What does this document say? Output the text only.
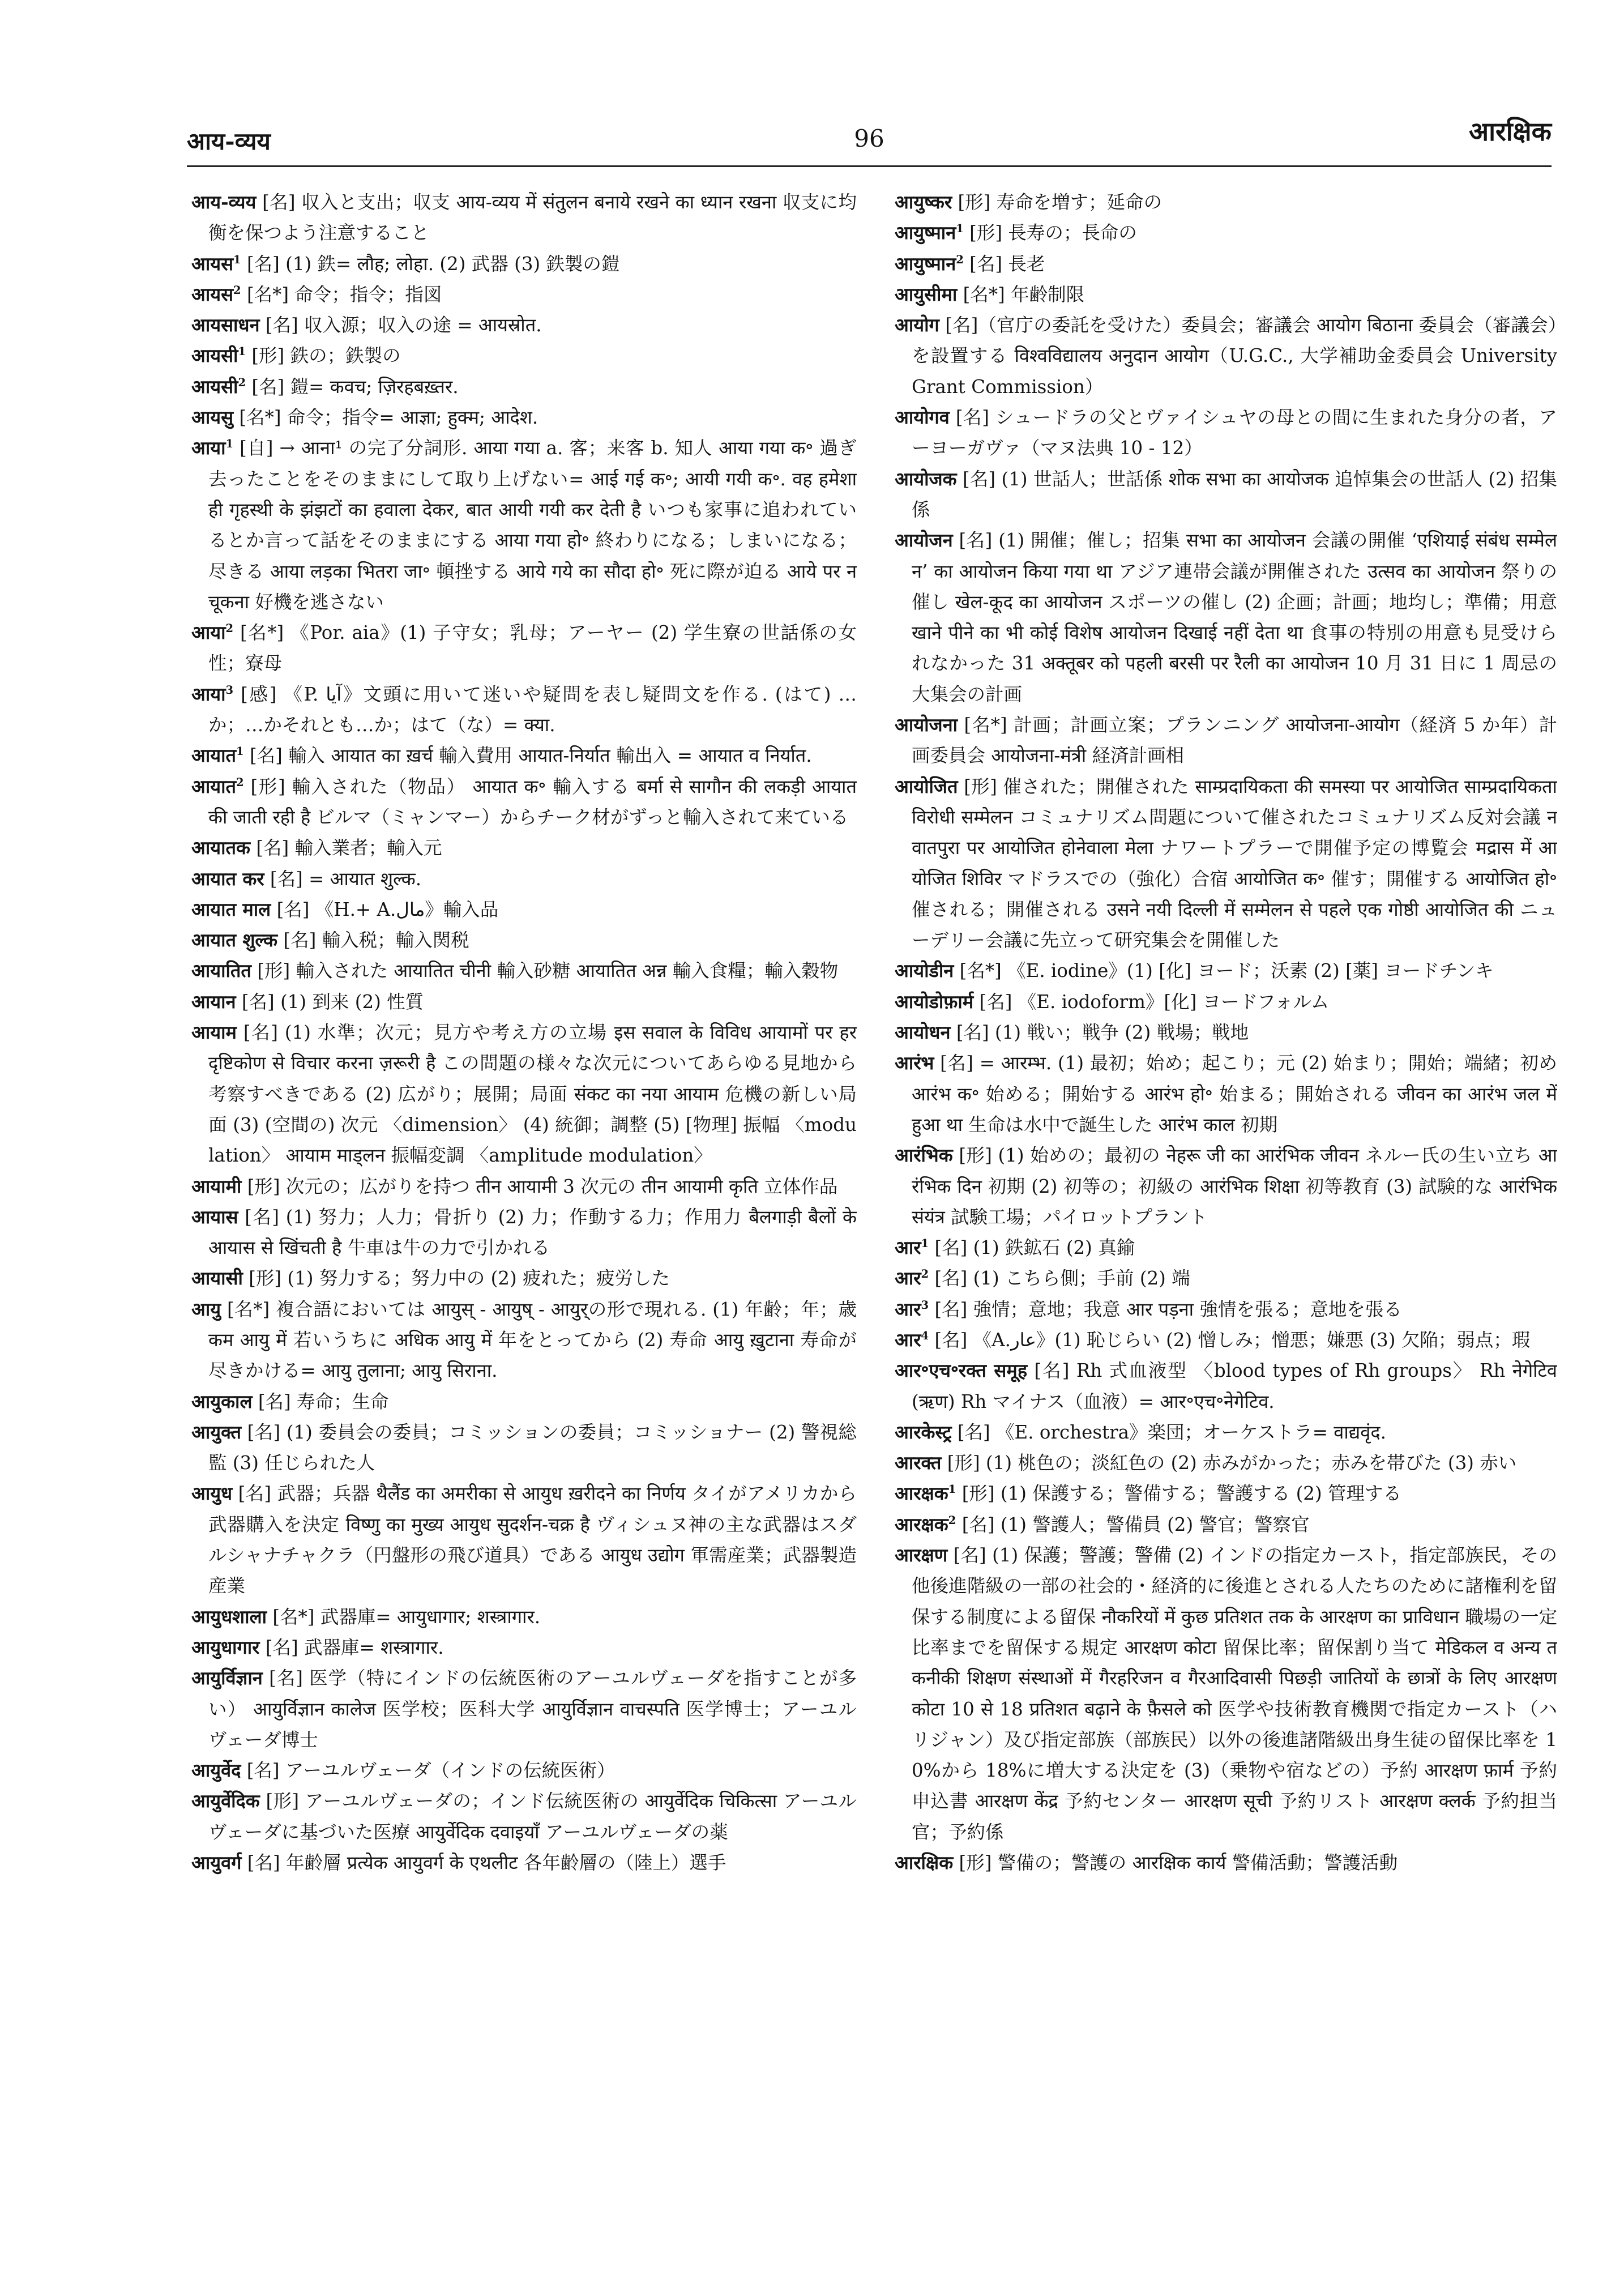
आय-व्यय	96	आरक्षिक

आय-व्यय [名] 収入と支出；収支 आय-व्यय में संतुलन बनाये रखने का ध्यान रखना 収支に均衡を保つよう注意すること

आयस$^1$ [名] (1) 鉄= लौह; लोहा. (2) 武器 (3) 鉄製の鎧

आयस$^2$ [名*] 命令；指令；指図

आयसाधन [名] 収入源；収入の途 = आयस्रोत.

आयसी$^1$ [形] 鉄の；鉄製の

आयसी$^2$ [名] 鎧= कवच; ज़िरहबख़्तर.

आयसु [名*] 命令；指令= आज्ञा; हुक्म; आदेश.

आया$^1$ [自] → आना¹ の完了分詞形. आया गया a. 客；来客 b. 知人 आया गया क॰ 過ぎ去ったことをそのままにして取り上げない= आई गई क॰; आयी गयी क॰. वह हमेशा ही गृहस्थी के झंझटों का हवाला देकर, बात आयी गयी कर देती है いつも家事に追われているとか言って話をそのままにする आया गया हो॰ 終わりになる；しまいになる；尽きる आया लड़का भितरा जा॰ 頓挫する आये गये का सौदा हो॰ 死に際が迫る आये पर न चूकना 好機を逃さない

आया$^2$ [名*] 《Por. aia》(1) 子守女；乳母；アーヤー (2) 学生寮の世話係の女性；寮母

आया$^3$ [感] 《P. آیا》文頭に用いて迷いや疑問を表し疑問文を作る. (はて) …か；…かそれとも…か；はて（な）= क्या.

आयात$^1$ [名] 輸入 आयात का ख़र्च 輸入費用 आयात-निर्यात 輸出入 = आयात व निर्यात.

आयात$^2$ [形] 輸入された（物品） आयात क॰ 輸入する बर्मा से सागौन की लकड़ी आयात की जाती रही है ビルマ（ミャンマー）からチーク材がずっと輸入されて来ている

आयातक [名] 輸入業者；輸入元

आयात कर [名] = आयात शुल्क.

आयात माल [名] 《H.+ A.مال》輸入品

आयात शुल्क [名] 輸入税；輸入関税

आयातित [形] 輸入された आयातित चीनी 輸入砂糖 आयातित अन्न 輸入食糧；輸入穀物

आयान [名] (1) 到来 (2) 性質

आयाम [名] (1) 水準；次元；見方や考え方の立場 इस सवाल के विविध आयामों पर हर दृष्टिकोण से विचार करना ज़रूरी है この問題の様々な次元についてあらゆる見地から考察すべきである (2) 広がり；展開；局面 संकट का नया आयाम 危機の新しい局面 (3) (空間の) 次元 〈dimension〉 (4) 統御；調整 (5) [物理] 振幅 〈modulation〉 आयाम माड्लन 振幅変調 〈amplitude modulation〉

आयामी [形] 次元の；広がりを持つ तीन आयामी 3 次元の तीन आयामी कृति 立体作品

आयास [名] (1) 努力；人力；骨折り (2) 力；作動する力；作用力 बैलगाड़ी बैलों के आयास से खिंचती है 牛車は牛の力で引かれる

आयासी [形] (1) 努力する；努力中の (2) 疲れた；疲労した

आयु [名*] 複合語においては आयुस् - आयुष् - आयुर्の形で現れる. (1) 年齢；年；歳 कम आयु में 若いうちに अधिक आयु में 年をとってから (2) 寿命 आयु ख़ुटाना 寿命が尽きかける= आयु तुलाना; आयु सिराना.

आयुकाल [名] 寿命；生命

आयुक्त [名] (1) 委員会の委員；コミッションの委員；コミッショナー (2) 警視総監 (3) 任じられた人

आयुध [名] 武器；兵器 थैलैंड का अमरीका से आयुध ख़रीदने का निर्णय タイがアメリカから武器購入を決定 विष्णु का मुख्य आयुध सुदर्शन-चक्र है ヴィシュヌ神の主な武器はスダルシャナチャクラ（円盤形の飛び道具）である आयुध उद्योग 軍需産業；武器製造産業

आयुधशाला [名*] 武器庫= आयुधागार; शस्त्रागार.

आयुधागार [名] 武器庫= शस्त्रागार.

आयुर्विज्ञान [名] 医学（特にインドの伝統医術のアーユルヴェーダを指すことが多い） आयुर्विज्ञान कालेज 医学校；医科大学 आयुर्विज्ञान वाचस्पति 医学博士；アーユルヴェーダ博士

आयुर्वेद [名] アーユルヴェーダ（インドの伝統医術）

आयुर्वेदिक [形] アーユルヴェーダの；インド伝統医術の आयुर्वेदिक चिकित्सा アーユルヴェーダに基づいた医療 आयुर्वेदिक दवाइयाँ アーユルヴェーダの薬

आयुवर्ग [名] 年齢層 प्रत्येक आयुवर्ग के एथलीट 各年齢層の（陸上）選手

आयुष्कर [形] 寿命を増す；延命の

आयुष्मान$^1$ [形] 長寿の；長命の

आयुष्मान$^2$ [名] 長老

आयुसीमा [名*] 年齢制限

आयोग [名]（官庁の委託を受けた）委員会；審議会 आयोग बिठाना 委員会（審議会）を設置する विश्वविद्यालय अनुदान आयोग（U.G.C., 大学補助金委員会 University Grant Commission）

आयोगव [名] シュードラの父とヴァイシュヤの母との間に生まれた身分の者，アーヨーガヴァ（マヌ法典 10 - 12）

आयोजक [名] (1) 世話人；世話係 शोक सभा का आयोजक 追悼集会の世話人 (2) 招集係

आयोजन [名] (1) 開催；催し；招集 सभा का आयोजन 会議の開催 ‘एशियाई संबंध सम्मेलन’ का आयोजन किया गया था アジア連帯会議が開催された उत्सव का आयोजन 祭りの催し खेल-कूद का आयोजन スポーツの催し (2) 企画；計画；地均し；準備；用意 खाने पीने का भी कोई विशेष आयोजन दिखाई नहीं देता था 食事の特別の用意も見受けられなかった 31 अक्तूबर को पहली बरसी पर रैली का आयोजन 10 月 31 日に 1 周忌の大集会の計画

आयोजना [名*] 計画；計画立案；プランニング आयोजना-आयोग（経済 5 か年）計画委員会 आयोजना-मंत्री 経済計画相

आयोजित [形] 催された；開催された साम्प्रदायिकता की समस्या पर आयोजित साम्प्रदायिकता विरोधी सम्मेलन コミュナリズム問題について催されたコミュナリズム反対会議 नवातपुरा पर आयोजित होनेवाला मेला ナワートプラーで開催予定の博覧会 मद्रास में आयोजित शिविर マドラスでの（強化）合宿 आयोजित क॰ 催す；開催する आयोजित हो॰ 催される；開催される उसने नयी दिल्ली में सम्मेलन से पहले एक गोष्ठी आयोजित की ニューデリー会議に先立って研究集会を開催した

आयोडीन [名*] 《E. iodine》(1) [化] ヨード；沃素 (2) [薬] ヨードチンキ

आयोडोफ़ार्म [名] 《E. iodoform》[化] ヨードフォルム

आयोधन [名] (1) 戦い；戦争 (2) 戦場；戦地

आरंभ [名] = आरम्भ. (1) 最初；始め；起こり；元 (2) 始まり；開始；端緒；初め आरंभ क॰ 始める；開始する आरंभ हो॰ 始まる；開始される जीवन का आरंभ जल में हुआ था 生命は水中で誕生した आरंभ काल 初期

आरंभिक [形] (1) 始めの；最初の नेहरू जी का आरंभिक जीवन ネルー氏の生い立ち आरंभिक दिन 初期 (2) 初等の；初級の आरंभिक शिक्षा 初等教育 (3) 試験的な आरंभिक संयंत्र 試験工場；パイロットプラント

आर$^1$ [名] (1) 鉄鉱石 (2) 真鍮

आर$^2$ [名] (1) こちら側；手前 (2) 端

आर$^3$ [名] 強情；意地；我意 आर पड़ना 強情を張る；意地を張る

आर$^4$ [名] 《A.عار》(1) 恥じらい (2) 憎しみ；憎悪；嫌悪 (3) 欠陥；弱点；瑕

आर॰एच॰रक्त समूह [名] Rh 式血液型 〈blood types of Rh groups〉 Rh नेगेटिव (ऋण) Rh マイナス（血液）= आर॰एच॰नेगेटिव.

आरकेस्ट्र [名] 《E. orchestra》楽団；オーケストラ= वाद्यवृंद.

आरक्त [形] (1) 桃色の；淡紅色の (2) 赤みがかった；赤みを帯びた (3) 赤い

आरक्षक$^1$ [形] (1) 保護する；警備する；警護する (2) 管理する

आरक्षक$^2$ [名] (1) 警護人；警備員 (2) 警官；警察官

आरक्षण [名] (1) 保護；警護；警備 (2) インドの指定カースト，指定部族民，その他後進階級の一部の社会的・経済的に後進とされる人たちのために諸権利を留保する制度による留保 नौकरियों में कुछ प्रतिशत तक के आरक्षण का प्राविधान 職場の一定比率までを留保する規定 आरक्षण कोटा 留保比率；留保割り当て मेडिकल व अन्य तकनीकी शिक्षण संस्थाओं में गैरहरिजन व गैरआदिवासी पिछड़ी जातियों के छात्रों के लिए आरक्षण कोटा 10 से 18 प्रतिशत बढ़ाने के फ़ैसले को 医学や技術教育機関で指定カースト（ハリジャン）及び指定部族（部族民）以外の後進諸階級出身生徒の留保比率を 10%から 18%に増大する決定を (3)（乗物や宿などの）予約 आरक्षण फ़ार्म 予約申込書 आरक्षण केंद्र 予約センター आरक्षण सूची 予約リスト आरक्षण क्लर्क 予約担当官；予約係

आरक्षिक [形] 警備の；警護の आरक्षिक कार्य 警備活動；警護活動
